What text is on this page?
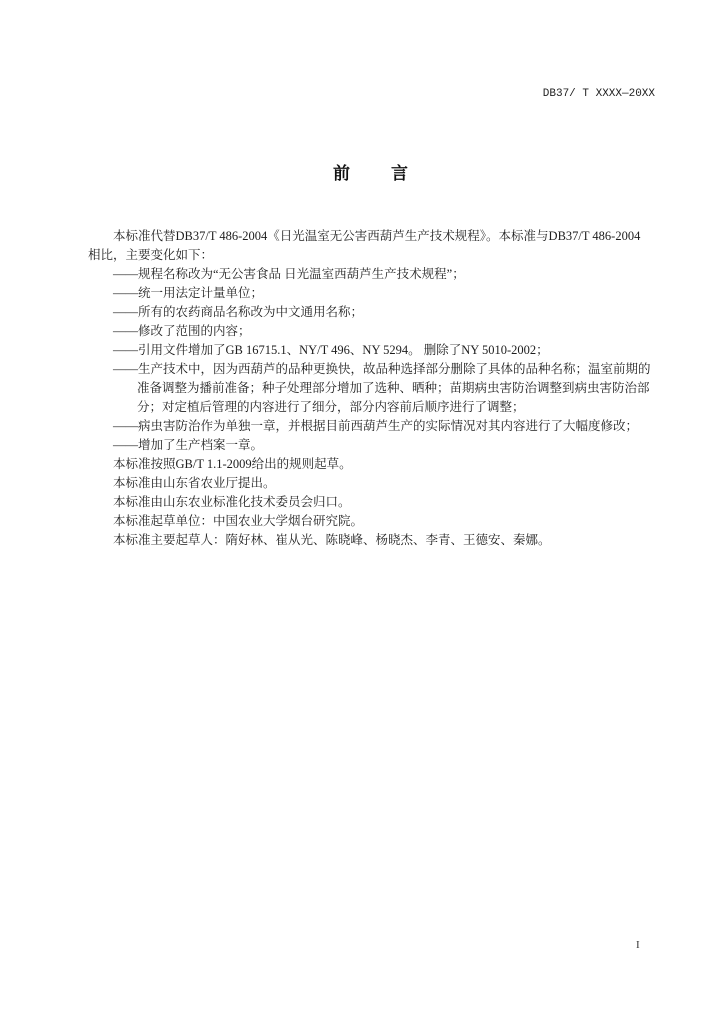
DB37/ T XXXX—20XX
前　言
本标准代替DB37/T 486-2004《日光温室无公害西葫芦生产技术规程》。本标准与DB37/T 486-2004
相比，主要变化如下：
——规程名称改为“无公害食品 日光温室西葫芦生产技术规程”；
——统一用法定计量单位；
——所有的农药商品名称改为中文通用名称；
——修改了范围的内容；
——引用文件增加了GB 16715.1、NY/T 496、NY 5294。 删除了NY 5010-2002；
——生产技术中，因为西葫芦的品种更换快，故品种选择部分删除了具体的品种名称；温室前期的
准备调整为播前准备；种子处理部分增加了选种、晒种；苗期病虫害防治调整到病虫害防治部
分；对定植后管理的内容进行了细分，部分内容前后顺序进行了调整；
——病虫害防治作为单独一章，并根据目前西葫芦生产的实际情况对其内容进行了大幅度修改；
——增加了生产档案一章。
本标准按照GB/T 1.1-2009给出的规则起草。
本标准由山东省农业厅提出。
本标准由山东农业标准化技术委员会归口。
本标准起草单位：中国农业大学烟台研究院。
本标准主要起草人：隋好林、崔从光、陈晓峰、杨晓杰、李青、王德安、秦娜。
I
